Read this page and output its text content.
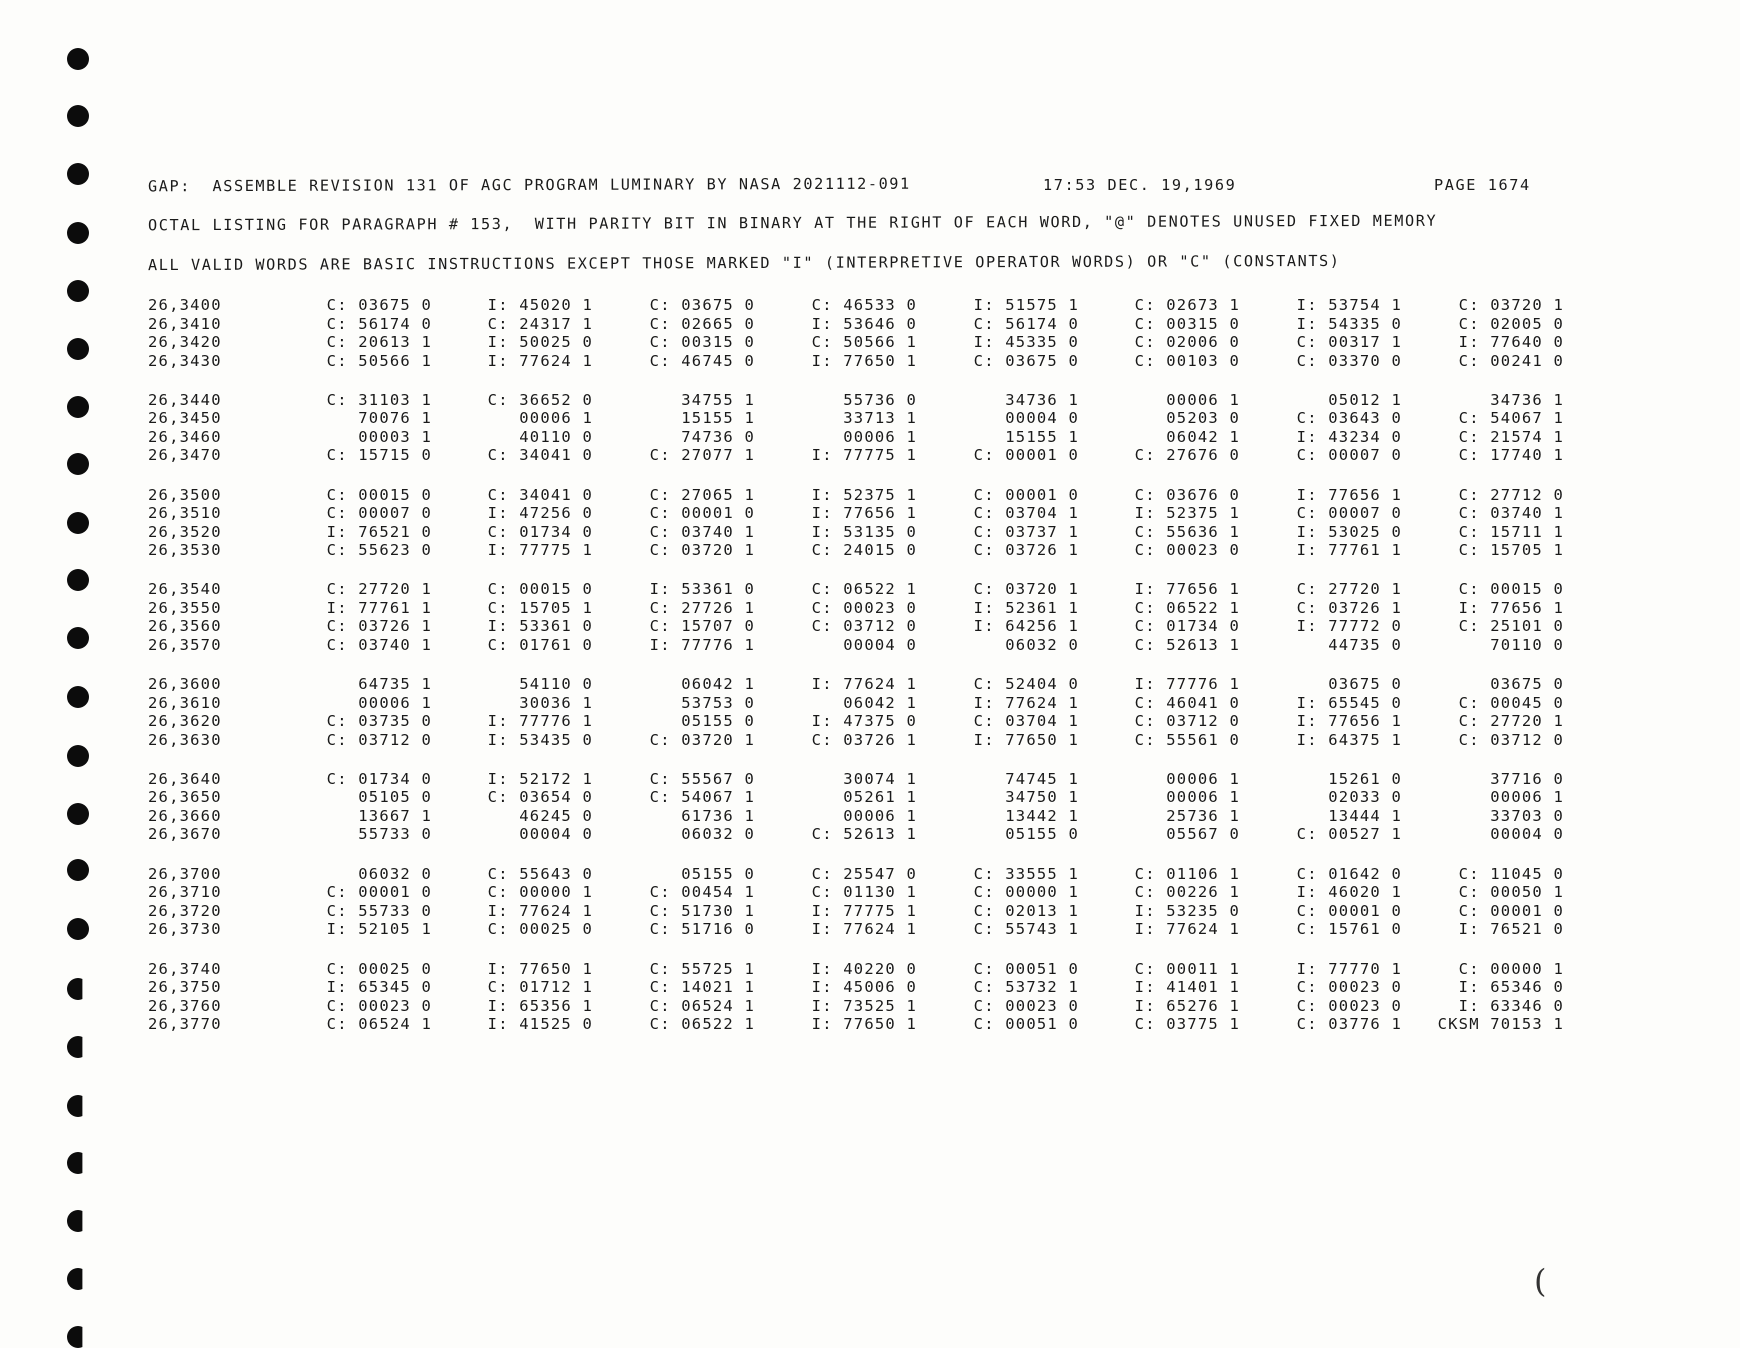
GAP:  ASSEMBLE REVISION 131 OF AGC PROGRAM LUMINARY BY NASA 2021112-091	17:53 DEC. 19,1969	PAGE 1674
OCTAL LISTING FOR PARAGRAPH # 153,  WITH PARITY BIT IN BINARY AT THE RIGHT OF EACH WORD, "@" DENOTES UNUSED FIXED MEMORY
ALL VALID WORDS ARE BASIC INSTRUCTIONS EXCEPT THOSE MARKED "I" (INTERPRETIVE OPERATOR WORDS) OR "C" (CONSTANTS)
26,3400	C: 03675 0	I: 45020 1	C: 03675 0	C: 46533 0	I: 51575 1	C: 02673 1	I: 53754 1	C: 03720 1
26,3410	C: 56174 0	C: 24317 1	C: 02665 0	I: 53646 0	C: 56174 0	C: 00315 0	I: 54335 0	C: 02005 0
26,3420	C: 20613 1	I: 50025 0	C: 00315 0	C: 50566 1	I: 45335 0	C: 02006 0	C: 00317 1	I: 77640 0
26,3430	C: 50566 1	I: 77624 1	C: 46745 0	I: 77650 1	C: 03675 0	C: 00103 0	C: 03370 0	C: 00241 0
26,3440	C: 31103 1	C: 36652 0	34755 1	55736 0	34736 1	00006 1	05012 1	34736 1
26,3450	70076 1	00006 1	15155 1	33713 1	00004 0	05203 0	C: 03643 0	C: 54067 1
26,3460	00003 1	40110 0	74736 0	00006 1	15155 1	06042 1	I: 43234 0	C: 21574 1
26,3470	C: 15715 0	C: 34041 0	C: 27077 1	I: 77775 1	C: 00001 0	C: 27676 0	C: 00007 0	C: 17740 1
26,3500	C: 00015 0	C: 34041 0	C: 27065 1	I: 52375 1	C: 00001 0	C: 03676 0	I: 77656 1	C: 27712 0
26,3510	C: 00007 0	I: 47256 0	C: 00001 0	I: 77656 1	C: 03704 1	I: 52375 1	C: 00007 0	C: 03740 1
26,3520	I: 76521 0	C: 01734 0	C: 03740 1	I: 53135 0	C: 03737 1	C: 55636 1	I: 53025 0	C: 15711 1
26,3530	C: 55623 0	I: 77775 1	C: 03720 1	C: 24015 0	C: 03726 1	C: 00023 0	I: 77761 1	C: 15705 1
26,3540	C: 27720 1	C: 00015 0	I: 53361 0	C: 06522 1	C: 03720 1	I: 77656 1	C: 27720 1	C: 00015 0
26,3550	I: 77761 1	C: 15705 1	C: 27726 1	C: 00023 0	I: 52361 1	C: 06522 1	C: 03726 1	I: 77656 1
26,3560	C: 03726 1	I: 53361 0	C: 15707 0	C: 03712 0	I: 64256 1	C: 01734 0	I: 77772 0	C: 25101 0
26,3570	C: 03740 1	C: 01761 0	I: 77776 1	00004 0	06032 0	C: 52613 1	44735 0	70110 0
26,3600	64735 1	54110 0	06042 1	I: 77624 1	C: 52404 0	I: 77776 1	03675 0	03675 0
26,3610	00006 1	30036 1	53753 0	06042 1	I: 77624 1	C: 46041 0	I: 65545 0	C: 00045 0
26,3620	C: 03735 0	I: 77776 1	05155 0	I: 47375 0	C: 03704 1	C: 03712 0	I: 77656 1	C: 27720 1
26,3630	C: 03712 0	I: 53435 0	C: 03720 1	C: 03726 1	I: 77650 1	C: 55561 0	I: 64375 1	C: 03712 0
26,3640	C: 01734 0	I: 52172 1	C: 55567 0	30074 1	74745 1	00006 1	15261 0	37716 0
26,3650	05105 0	C: 03654 0	C: 54067 1	05261 1	34750 1	00006 1	02033 0	00006 1
26,3660	13667 1	46245 0	61736 1	00006 1	13442 1	25736 1	13444 1	33703 0
26,3670	55733 0	00004 0	06032 0	C: 52613 1	05155 0	05567 0	C: 00527 1	00004 0
26,3700	06032 0	C: 55643 0	05155 0	C: 25547 0	C: 33555 1	C: 01106 1	C: 01642 0	C: 11045 0
26,3710	C: 00001 0	C: 00000 1	C: 00454 1	C: 01130 1	C: 00000 1	C: 00226 1	I: 46020 1	C: 00050 1
26,3720	C: 55733 0	I: 77624 1	C: 51730 1	I: 77775 1	C: 02013 1	I: 53235 0	C: 00001 0	C: 00001 0
26,3730	I: 52105 1	C: 00025 0	C: 51716 0	I: 77624 1	C: 55743 1	I: 77624 1	C: 15761 0	I: 76521 0
26,3740	C: 00025 0	I: 77650 1	C: 55725 1	I: 40220 0	C: 00051 0	C: 00011 1	I: 77770 1	C: 00000 1
26,3750	I: 65345 0	C: 01712 1	C: 14021 1	I: 45006 0	C: 53732 1	I: 41401 1	C: 00023 0	I: 65346 0
26,3760	C: 00023 0	I: 65356 1	C: 06524 1	I: 73525 1	C: 00023 0	I: 65276 1	C: 00023 0	I: 63346 0
26,3770	C: 06524 1	I: 41525 0	C: 06522 1	I: 77650 1	C: 00051 0	C: 03775 1	C: 03776 1	CKSM 70153 1
(
